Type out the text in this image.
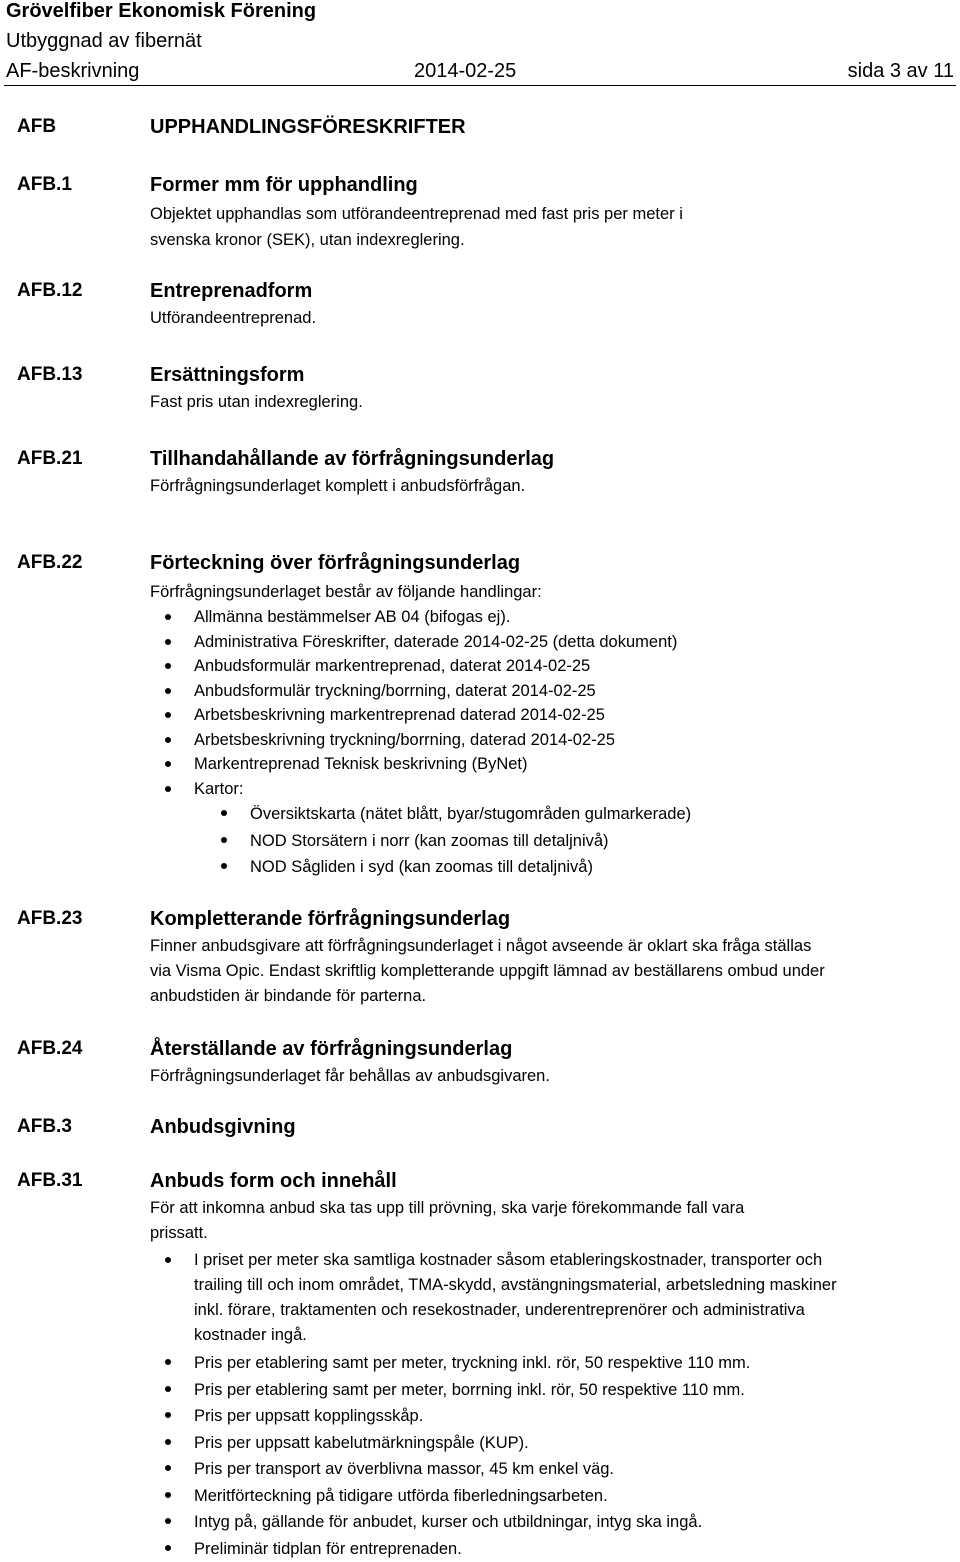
Grövelfiber Ekonomisk Förening
Utbyggnad av fibernät
AF-beskrivning	2014-02-25	sida 3 av 11
AFB	UPPHANDLINGSFÖRESKRIFTER
AFB.1	Former mm för upphandling
Objektet upphandlas som utförandeentreprenad med fast pris per meter i
svenska kronor (SEK), utan indexreglering.
AFB.12	Entreprenadform
Utförandeentreprenad.
AFB.13	Ersättningsform
Fast pris utan indexreglering.
AFB.21	Tillhandahållande av förfrågningsunderlag
Förfrågningsunderlaget komplett i anbudsförfrågan.
AFB.22	Förteckning över förfrågningsunderlag
Förfrågningsunderlaget består av följande handlingar:
Allmänna bestämmelser AB 04 (bifogas ej).
Administrativa Föreskrifter, daterade 2014-02-25 (detta dokument)
Anbudsformulär markentreprenad, daterat 2014-02-25
Anbudsformulär tryckning/borrning, daterat 2014-02-25
Arbetsbeskrivning markentreprenad daterad 2014-02-25
Arbetsbeskrivning tryckning/borrning, daterad 2014-02-25
Markentreprenad Teknisk beskrivning (ByNet)
Kartor:
Översiktskarta (nätet blått, byar/stugområden gulmarkerade)
NOD Storsätern i norr (kan zoomas till detaljnivå)
NOD Sågliden i syd (kan zoomas till detaljnivå)
AFB.23	Kompletterande förfrågningsunderlag
Finner anbudsgivare att förfrågningsunderlaget i något avseende är oklart ska fråga ställas
via Visma Opic. Endast skriftlig kompletterande uppgift lämnad av beställarens ombud under
anbudstiden är bindande för parterna.
AFB.24	Återställande av förfrågningsunderlag
Förfrågningsunderlaget får behållas av anbudsgivaren.
AFB.3	Anbudsgivning
AFB.31	Anbuds form och innehåll
För att inkomna anbud ska tas upp till prövning, ska varje förekommande fall vara
prissatt.
I priset per meter ska samtliga kostnader såsom etableringskostnader, transporter och trailing till och inom området, TMA-skydd, avstängningsmaterial, arbetsledning maskiner inkl. förare, traktamenten och resekostnader, underentreprenörer och administrativa kostnader ingå.
Pris per etablering samt per meter, tryckning inkl. rör, 50 respektive 110 mm.
Pris per etablering samt per meter, borrning inkl. rör, 50 respektive 110 mm.
Pris per uppsatt kopplingsskåp.
Pris per uppsatt kabelutmärkningspåle (KUP).
Pris per transport av överblivna massor, 45 km enkel väg.
Meritförteckning på tidigare utförda fiberledningsarbeten.
Intyg på, gällande för anbudet, kurser och utbildningar, intyg ska ingå.
Preliminär tidplan för entreprenaden.
